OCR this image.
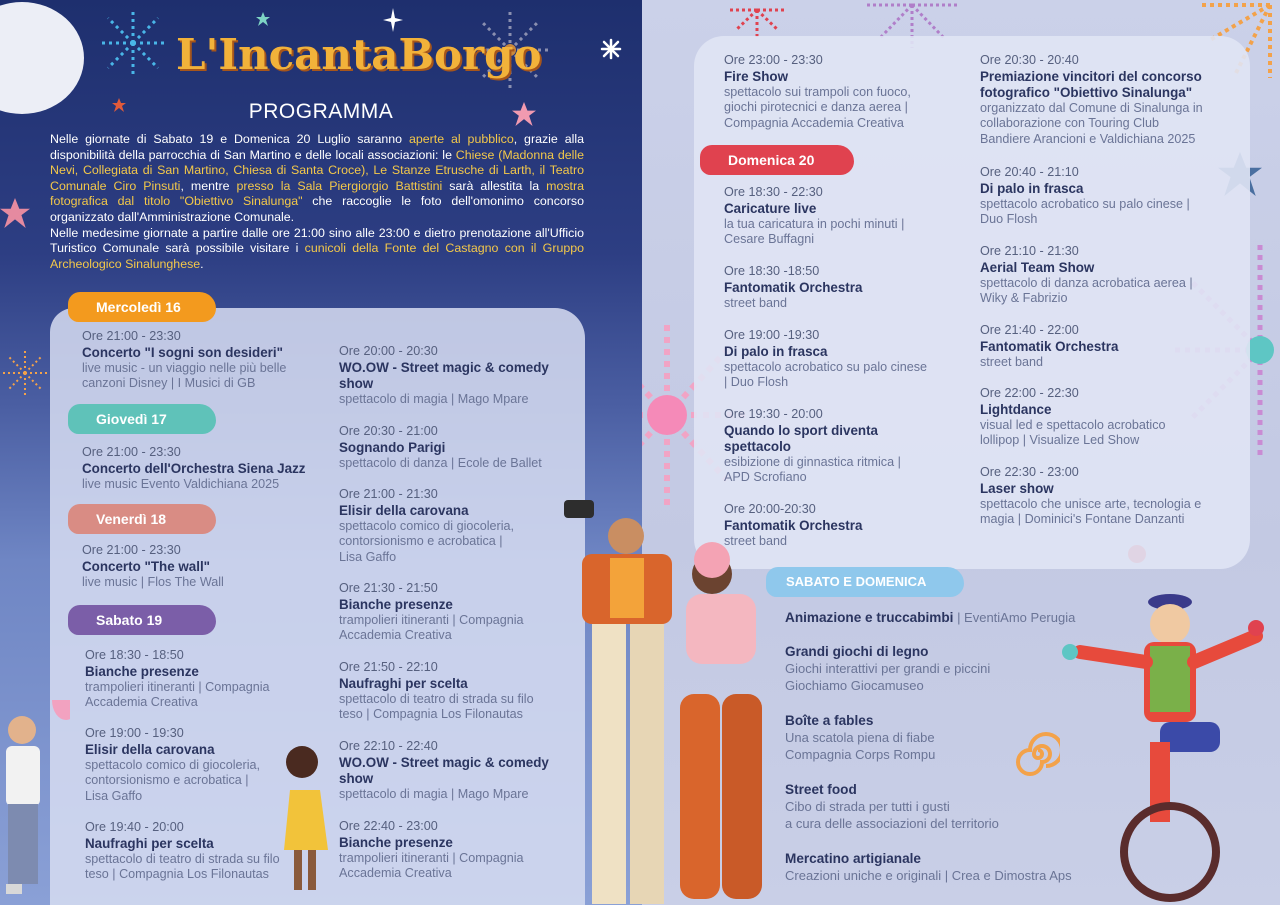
L'IncantaBorgo
PROGRAMMA
Nelle giornate di Sabato 19 e Domenica 20 Luglio saranno aperte al pubblico, grazie alla disponibilità della parrocchia di San Martino e delle locali associazioni: le Chiese (Madonna delle Nevi, Collegiata di San Martino, Chiesa di Santa Croce), Le Stanze Etrusche di Larth, il Teatro Comunale Ciro Pinsuti, mentre presso la Sala Piergiorgio Battistini sarà allestita la mostra fotografica dal titolo "Obiettivo Sinalunga" che raccoglie le foto dell'omonimo concorso organizzato dall'Amministrazione Comunale.
Nelle medesime giornate a partire dalle ore 21:00 sino alle 23:00 e dietro prenotazione all'Ufficio Turistico Comunale sarà possibile visitare i cunicoli della Fonte del Castagno con il Gruppo Archeologico Sinalunghese.
Mercoledì 16
Giovedì 17
Venerdì 18
Sabato 19
Domenica 20
SABATO E DOMENICA
Ore 21:00 - 23:30
Concerto "I sogni son desideri"
live music - un viaggio nelle più belle
canzoni Disney | I Musici di GB
Ore 21:00 - 23:30
Concerto dell'Orchestra Siena Jazz
live music Evento Valdichiana 2025
Ore 21:00 - 23:30
Concerto "The wall"
live music | Flos The Wall
Ore 18:30 - 18:50
Bianche presenze
trampolieri itineranti | Compagnia
Accademia Creativa
Ore 19:00 - 19:30
Elisir della carovana
spettacolo comico di giocoleria,
contorsionismo e acrobatica |
Lisa Gaffo
Ore 19:40 - 20:00
Naufraghi per scelta
spettacolo di teatro di strada su filo
teso | Compagnia Los Filonautas
Ore 20:00 - 20:30
WO.OW - Street magic & comedy
show
spettacolo di magia | Mago Mpare
Ore 20:30 - 21:00
Sognando Parigi
spettacolo di danza | Ecole de Ballet
Ore 21:00 - 21:30
Elisir della carovana
spettacolo comico di giocoleria,
contorsionismo e acrobatica |
Lisa Gaffo
Ore 21:30 - 21:50
Bianche presenze
trampolieri itineranti | Compagnia
Accademia Creativa
Ore 21:50 - 22:10
Naufraghi per scelta
spettacolo di teatro di strada su filo
teso | Compagnia Los Filonautas
Ore 22:10 - 22:40
WO.OW - Street magic & comedy
show
spettacolo di magia | Mago Mpare
Ore 22:40 - 23:00
Bianche presenze
trampolieri itineranti | Compagnia
Accademia Creativa
Ore 23:00 - 23:30
Fire Show
spettacolo sui trampoli con fuoco,
giochi pirotecnici e danza aerea |
Compagnia Accademia Creativa
Ore 18:30 - 22:30
Caricature live
la tua caricatura in pochi minuti |
Cesare Buffagni
Ore 18:30 -18:50
Fantomatik Orchestra
street band
Ore 19:00 -19:30
Di palo in frasca
spettacolo acrobatico su palo cinese
| Duo Flosh
Ore 19:30 - 20:00
Quando lo sport diventa
spettacolo
esibizione di ginnastica ritmica |
APD Scrofiano
Ore 20:00-20:30
Fantomatik Orchestra
street band
Ore 20:30 - 20:40
Premiazione vincitori del concorso
fotografico "Obiettivo Sinalunga"
organizzato dal Comune di Sinalunga in
collaborazione con Touring Club
Bandiere Arancioni e Valdichiana 2025
Ore 20:40 - 21:10
Di palo in frasca
spettacolo acrobatico su palo cinese |
Duo Flosh
Ore 21:10 - 21:30
Aerial Team Show
spettacolo di danza acrobatica aerea |
Wiky & Fabrizio
Ore 21:40 - 22:00
Fantomatik Orchestra
street band
Ore 22:00 - 22:30
Lightdance
visual led e spettacolo acrobatico
lollipop | Visualize Led Show
Ore 22:30 - 23:00
Laser show
spettacolo che unisce arte, tecnologia e
magia | Dominici's Fontane Danzanti
Animazione e truccabimbi | EventiAmo Perugia
Grandi giochi di legno
Giochi interattivi per grandi e piccini
Giochiamo Giocamuseo
Boîte a fables
Una scatola piena di fiabe
Compagnia Corps Rompu
Street food
Cibo di strada per tutti i gusti
a cura delle associazioni del territorio
Mercatino artigianale
Creazioni uniche e originali | Crea e Dimostra Aps
